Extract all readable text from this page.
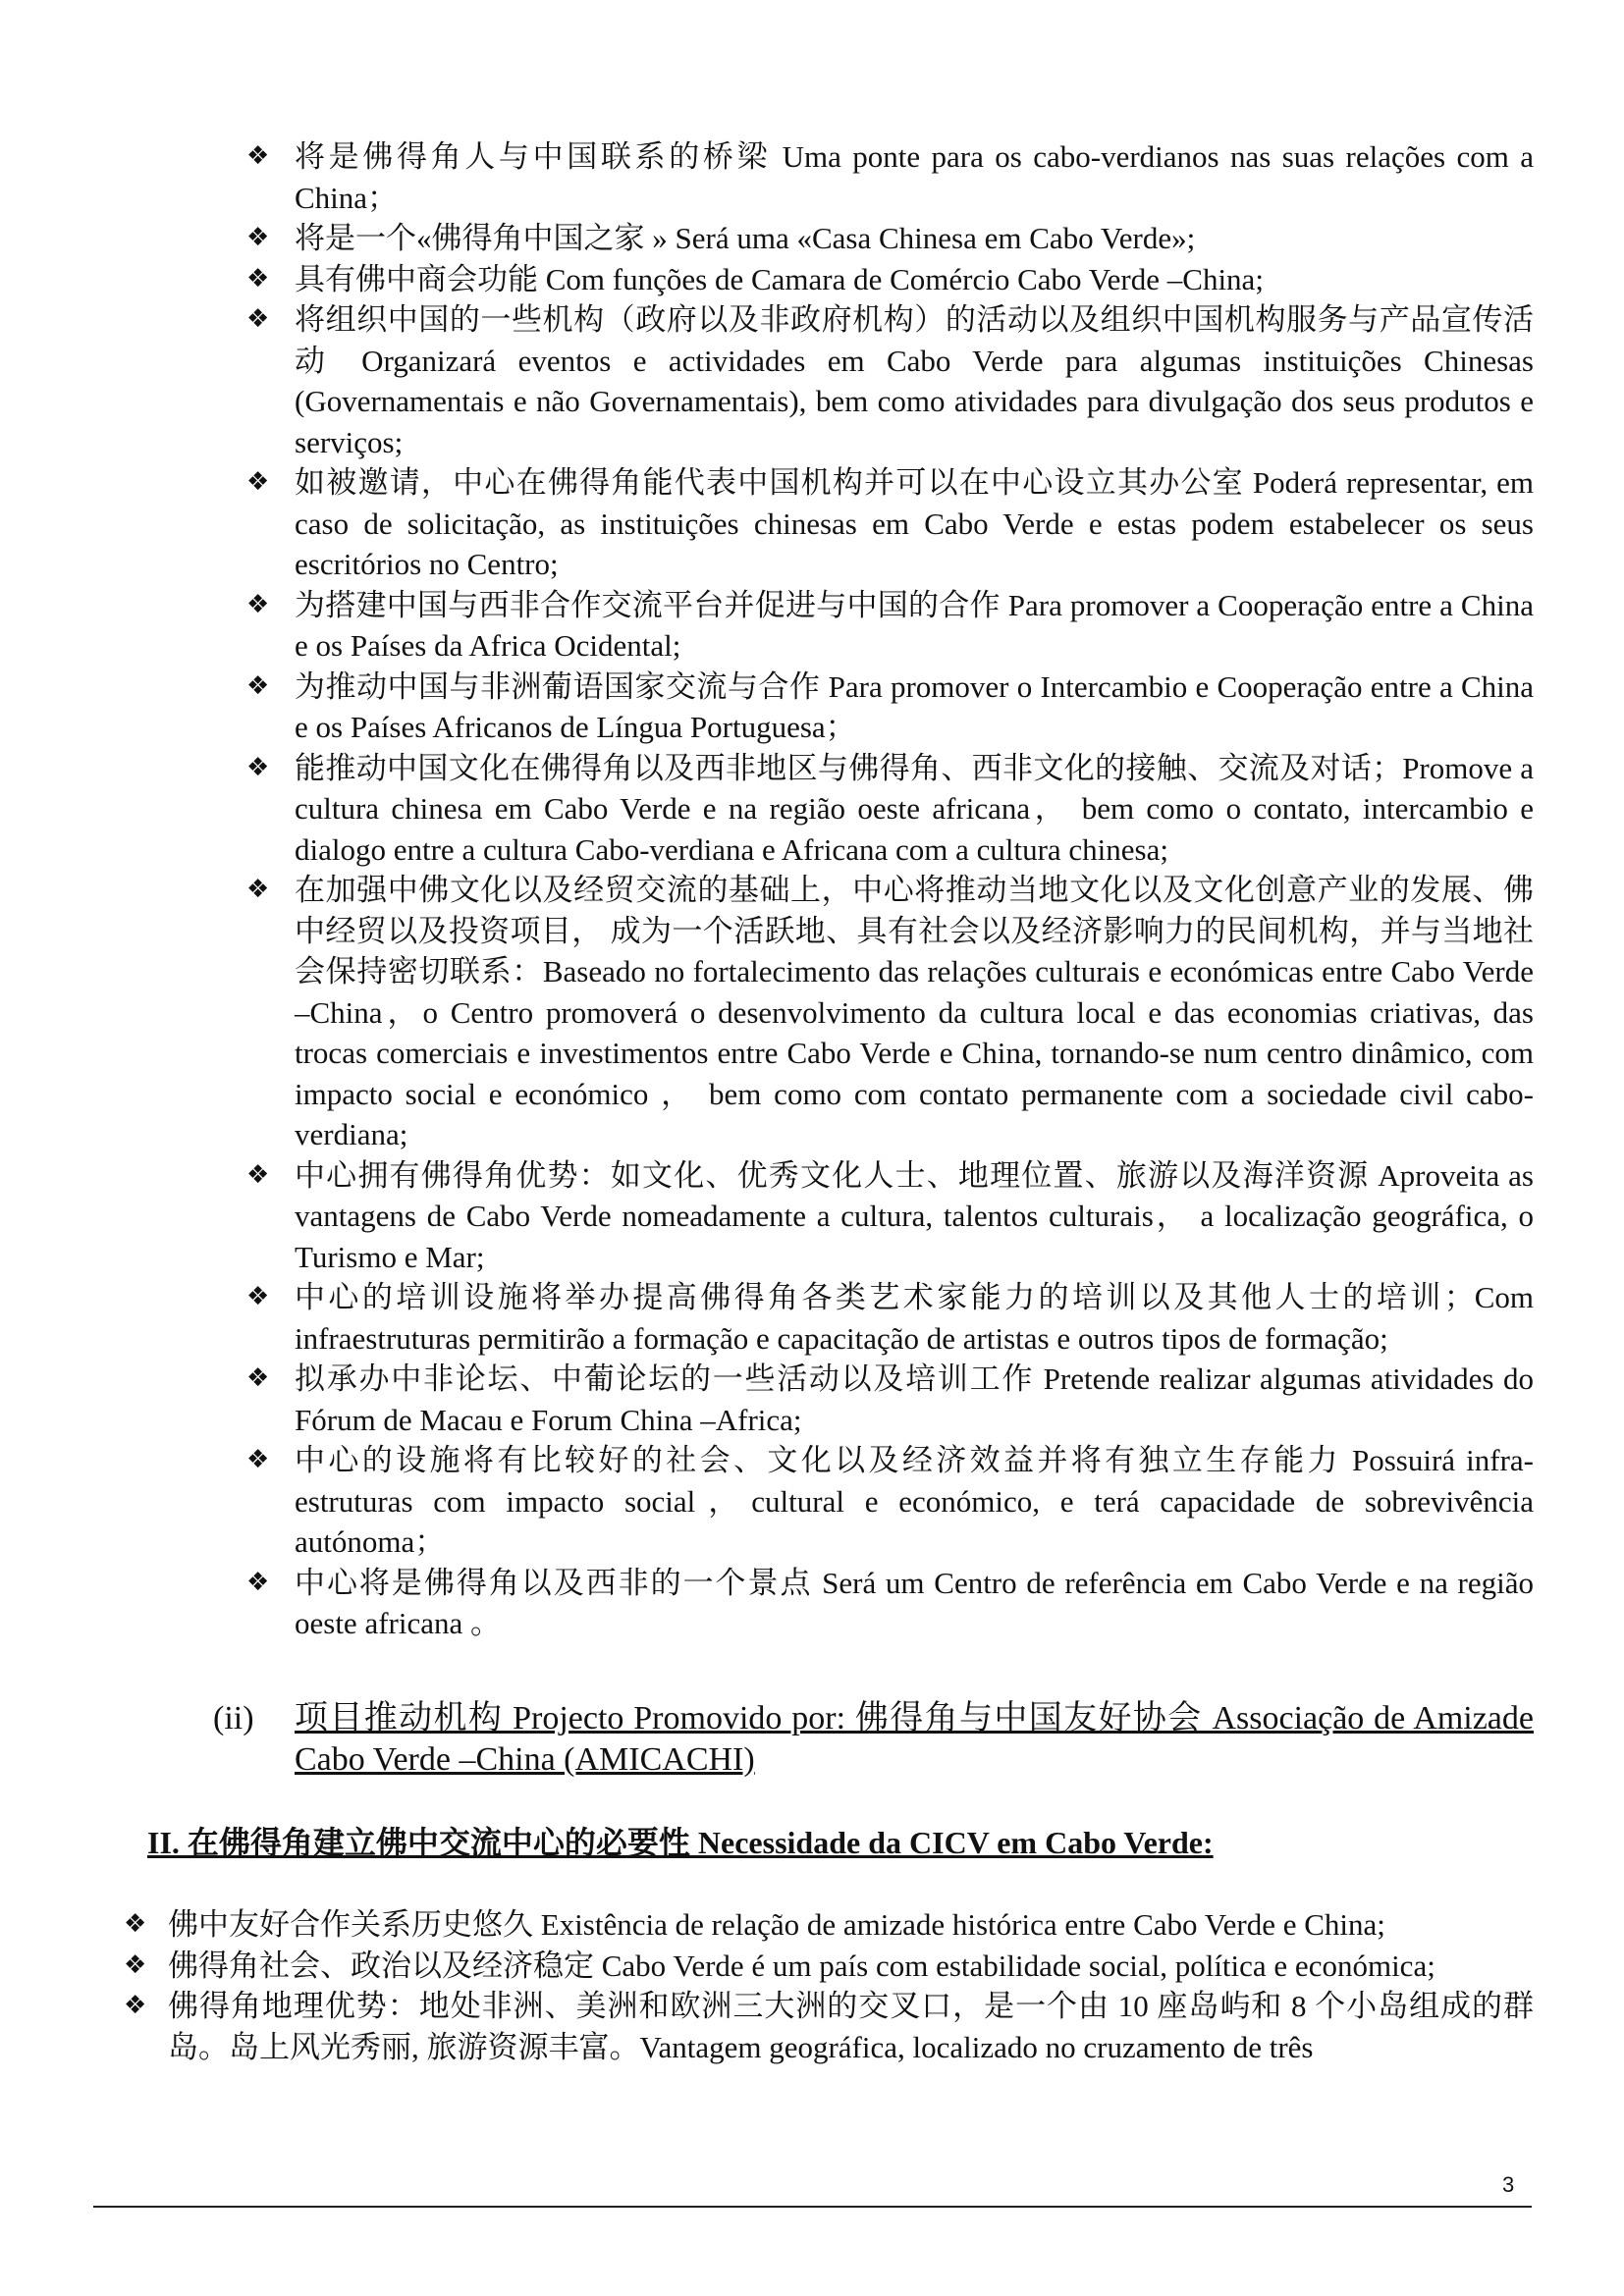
❖ 将是佛得角人与中国联系的桥梁 Uma ponte para os cabo-verdianos nas suas relações com a China；
❖ 将是一个«佛得角中国之家 » Será uma «Casa Chinesa em Cabo Verde»;
❖ 具有佛中商会功能 Com funções de Camara de Comércio Cabo Verde –China;
❖ 将组织中国的一些机构（政府以及非政府机构）的活动以及组织中国机构服务与产品宣传活动 Organizará eventos e actividades em Cabo Verde para algumas instituições Chinesas (Governamentais e não Governamentais), bem como atividades para divulgação dos seus produtos e serviços;
❖ 如被邀请，中心在佛得角能代表中国机构并可以在中心设立其办公室 Poderá representar, em caso de solicitação, as instituições chinesas em Cabo Verde e estas podem estabelecer os seus escritórios no Centro;
❖ 为搭建中国与西非合作交流平台并促进与中国的合作 Para promover a Cooperação entre a China e os Países da Africa Ocidental;
❖ 为推动中国与非洲葡语国家交流与合作 Para promover o Intercambio e Cooperação entre a China e os Países Africanos de Língua Portuguesa；
❖ 能推动中国文化在佛得角以及西非地区与佛得角、西非文化的接触、交流及对话；Promove a cultura chinesa em Cabo Verde e na região oeste africana， bem como o contato, intercambio e dialogo entre a cultura Cabo-verdiana e Africana com a cultura chinesa;
❖ 在加强中佛文化以及经贸交流的基础上，中心将推动当地文化以及文化创意产业的发展、佛中经贸以及投资项目， 成为一个活跃地、具有社会以及经济影响力的民间机构，并与当地社会保持密切联系：Baseado no fortalecimento das relações culturais e económicas entre Cabo Verde –China，o Centro promoverá o desenvolvimento da cultura local e das economias criativas, das trocas comerciais e investimentos entre Cabo Verde e China, tornando-se num centro dinâmico, com impacto social e económico ， bem como com contato permanente com a sociedade civil cabo-verdiana;
❖ 中心拥有佛得角优势：如文化、优秀文化人士、地理位置、旅游以及海洋资源 Aproveita as vantagens de Cabo Verde nomeadamente a cultura, talentos culturais， a localização geográfica, o Turismo e Mar;
❖ 中心的培训设施将举办提高佛得角各类艺术家能力的培训以及其他人士的培训；Com infraestruturas permitirão a formação e capacitação de artistas e outros tipos de formação;
❖ 拟承办中非论坛、中葡论坛的一些活动以及培训工作 Pretende realizar algumas atividades do Fórum de Macau e Forum China –Africa;
❖ 中心的设施将有比较好的社会、文化以及经济效益并将有独立生存能力 Possuirá infra-estruturas com impacto social，cultural e económico, e terá capacidade de sobrevivência autónoma；
❖ 中心将是佛得角以及西非的一个景点 Será um Centro de referência em Cabo Verde e na região oeste africana 。
(ii) 项目推动机构 Projecto Promovido por: 佛得角与中国友好协会 Associação de Amizade Cabo Verde –China (AMICACHI)
II. 在佛得角建立佛中交流中心的必要性 Necessidade da CICV em Cabo Verde:
❖ 佛中友好合作关系历史悠久 Existência de relação de amizade histórica entre Cabo Verde e China;
❖ 佛得角社会、政治以及经济稳定 Cabo Verde é um país com estabilidade social, política e económica;
❖ 佛得角地理优势：地处非洲、美洲和欧洲三大洲的交叉口，是一个由 10 座岛屿和 8 个小岛组成的群岛。岛上风光秀丽, 旅游资源丰富。Vantagem geográfica, localizado no cruzamento de três
3
